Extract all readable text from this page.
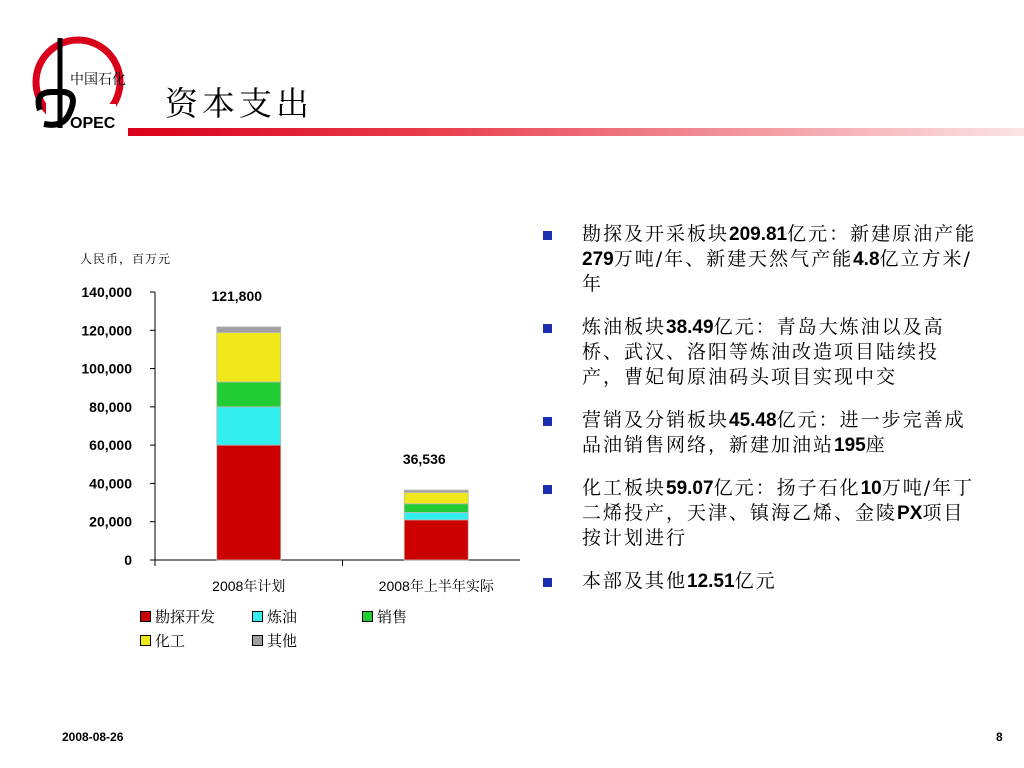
中国石化
OPEC
资本支出
人民币，百万元
0
20,000
40,000
60,000
80,000
100,000
120,000
140,000	121,800
2008年计划
36,536
2008年上半年实际
勘探开发	炼油	销售
化工	其他
勘探及开采板块209.81亿元：新建原油产能279万吨/年、新建天然气产能4.8亿立方米/年
炼油板块38.49亿元：青岛大炼油以及高桥、武汉、洛阳等炼油改造项目陆续投产，曹妃甸原油码头项目实现中交
营销及分销板块45.48亿元：进一步完善成品油销售网络，新建加油站195座
化工板块59.07亿元：扬子石化10万吨/年丁二烯投产，天津、镇海乙烯、金陵PX项目按计划进行
本部及其他12.51亿元
2008-08-26	8
